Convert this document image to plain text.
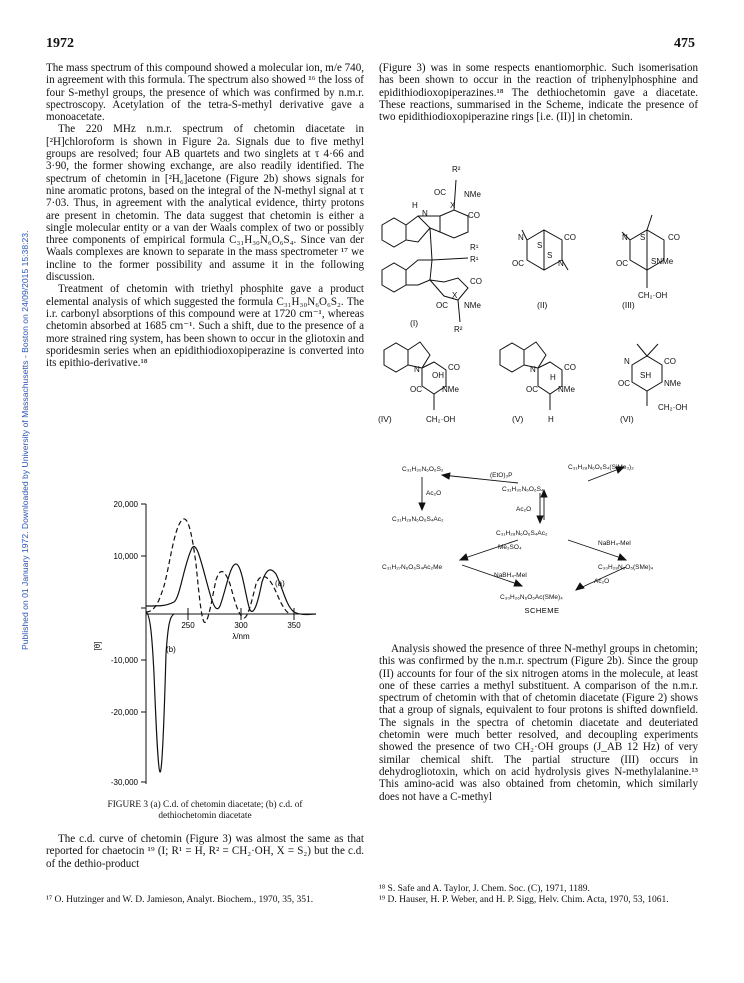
1972	475
Published on 01 January 1972. Downloaded by University of Massachusetts - Boston on 24/09/2015 15:38:23.

The mass spectrum of this compound showed a molecular ion, m/e 740, in agreement with this formula. The spectrum also showed ¹⁶ the loss of four S-methyl groups, the presence of which was confirmed by n.m.r. spectroscopy. Acetylation of the tetra-S-methyl derivative gave a monoacetate.

The 220 MHz n.m.r. spectrum of chetomin diacetate in [²H]chloroform is shown in Figure 2a. Signals due to five methyl groups are resolved; four AB quartets and two singlets at τ 4·66 and 3·90, the former showing exchange, are also readily identified. The spectrum of chetomin in [²H₆]acetone (Figure 2b) shows signals for nine aromatic protons, based on the integral of the N-methyl signal at τ 7·03. Thus, in agreement with the analytical evidence, thirty protons are present in chetomin. The data suggest that chetomin is either a single molecular entity or a van der Waals complex of two or possibly three components of empirical formula C₃₁H₃₀N₆O₆S₄. Since van der Waals complexes are known to separate in the mass spectrometer ¹⁷ we incline to the former possibility and assume it in the following discussion.

Treatment of chetomin with triethyl phosphite gave a product elemental analysis of which suggested the formula C₃₁H₃₀N₆O₆S₂. The i.r. carbonyl absorptions of this compound were at 1720 cm⁻¹, whereas chetomin absorbed at 1685 cm⁻¹. Such a shift, due to the presence of a more strained ring system, has been shown to occur in the gliotoxin and sporidesmin series when an epidithiodioxopiperazine is converted into its epithio-derivative.¹⁸

20,000
10,000
-10,000
-20,000
-30,000
250	300	350
λ/nm
[θ]
(a)
(b)
FIGURE 3 (a) C.d. of chetomin diacetate; (b) c.d. of
dethiochetomin diacetate

The c.d. curve of chetomin (Figure 3) was almost the same as that reported for chaetocin ¹⁹ (I; R¹ = H, R² = CH₂·OH, X = S₂) but the c.d. of the dethio-product

¹⁷ O. Hutzinger and W. D. Jamieson, Analyt. Biochem., 1970, 35, 351.

(Figure 3) was in some respects enantiomorphic. Such isomerisation has been shown to occur in the reaction of triphenylphosphine and epidithiodioxopiperazines.¹⁸ The dethiochetomin gave a diacetate. These reactions, summarised in the Scheme, indicate the presence of two epidithiodioxopiperazine rings [i.e. (II)] in chetomin.

R²
OC NMe
CO
H	X
N
R¹
R¹
CO
OC NMe
X
R²
N	CO
S
S
OC	N
N S	CO
OC	SNMe
CH₂·OH
N	CO
OH
OC	NMe
CH₂·OH
N	CO
H
OC	NMe
H
N	CO
SH
OC	NMe
CH₂·OH
(I)
(II)	(III)
(IV)	(V)	(VI)
C₃₁H₃₀N₆O₆S₂	C₃₁H₂₈N₆O₆S₄(SiMe₃)₂
(EtO)₃P
C₃₁H₃₀N₆O₆S₄
Ac₂O
Ac₂O
C₃₁H₂₈N₆O₆S₄Ac₂
C₃₁H₂₈N₆O₆S₄Ac₂
Me₂SO₄
NaBH₄-MeI
C₃₁H₂₇N₆O₆S₄Ac₂Me	C₃₀H₂₈N₆O₅(SMe)₄
NaBH₄-MeI
Ac₂O
C₃₀H₂₆N₆O₅Ac(SMe)₄
SCHEME

Analysis showed the presence of three N-methyl groups in chetomin; this was confirmed by the n.m.r. spectrum (Figure 2b). Since the group (II) accounts for four of the six nitrogen atoms in the molecule, at least one of these carries a methyl substituent. A comparison of the n.m.r. spectrum of chetomin with that of chetomin diacetate (Figure 2) shows that a group of signals, equivalent to four protons is shifted downfield. The signals in the spectra of chetomin diacetate and deuteriated chetomin were much better resolved, and decoupling experiments showed the presence of two CH₂·OH groups (J_AB 12 Hz) of very similar chemical shift. The partial structure (III) occurs in dehydrogliotoxin, which on acid hydrolysis gives N-methylalanine.¹³ This amino-acid was also obtained from chetomin, which similarly does not have a C-methyl

¹⁸ S. Safe and A. Taylor, J. Chem. Soc. (C), 1971, 1189.
¹⁹ D. Hauser, H. P. Weber, and H. P. Sigg, Helv. Chim. Acta, 1970, 53, 1061.
